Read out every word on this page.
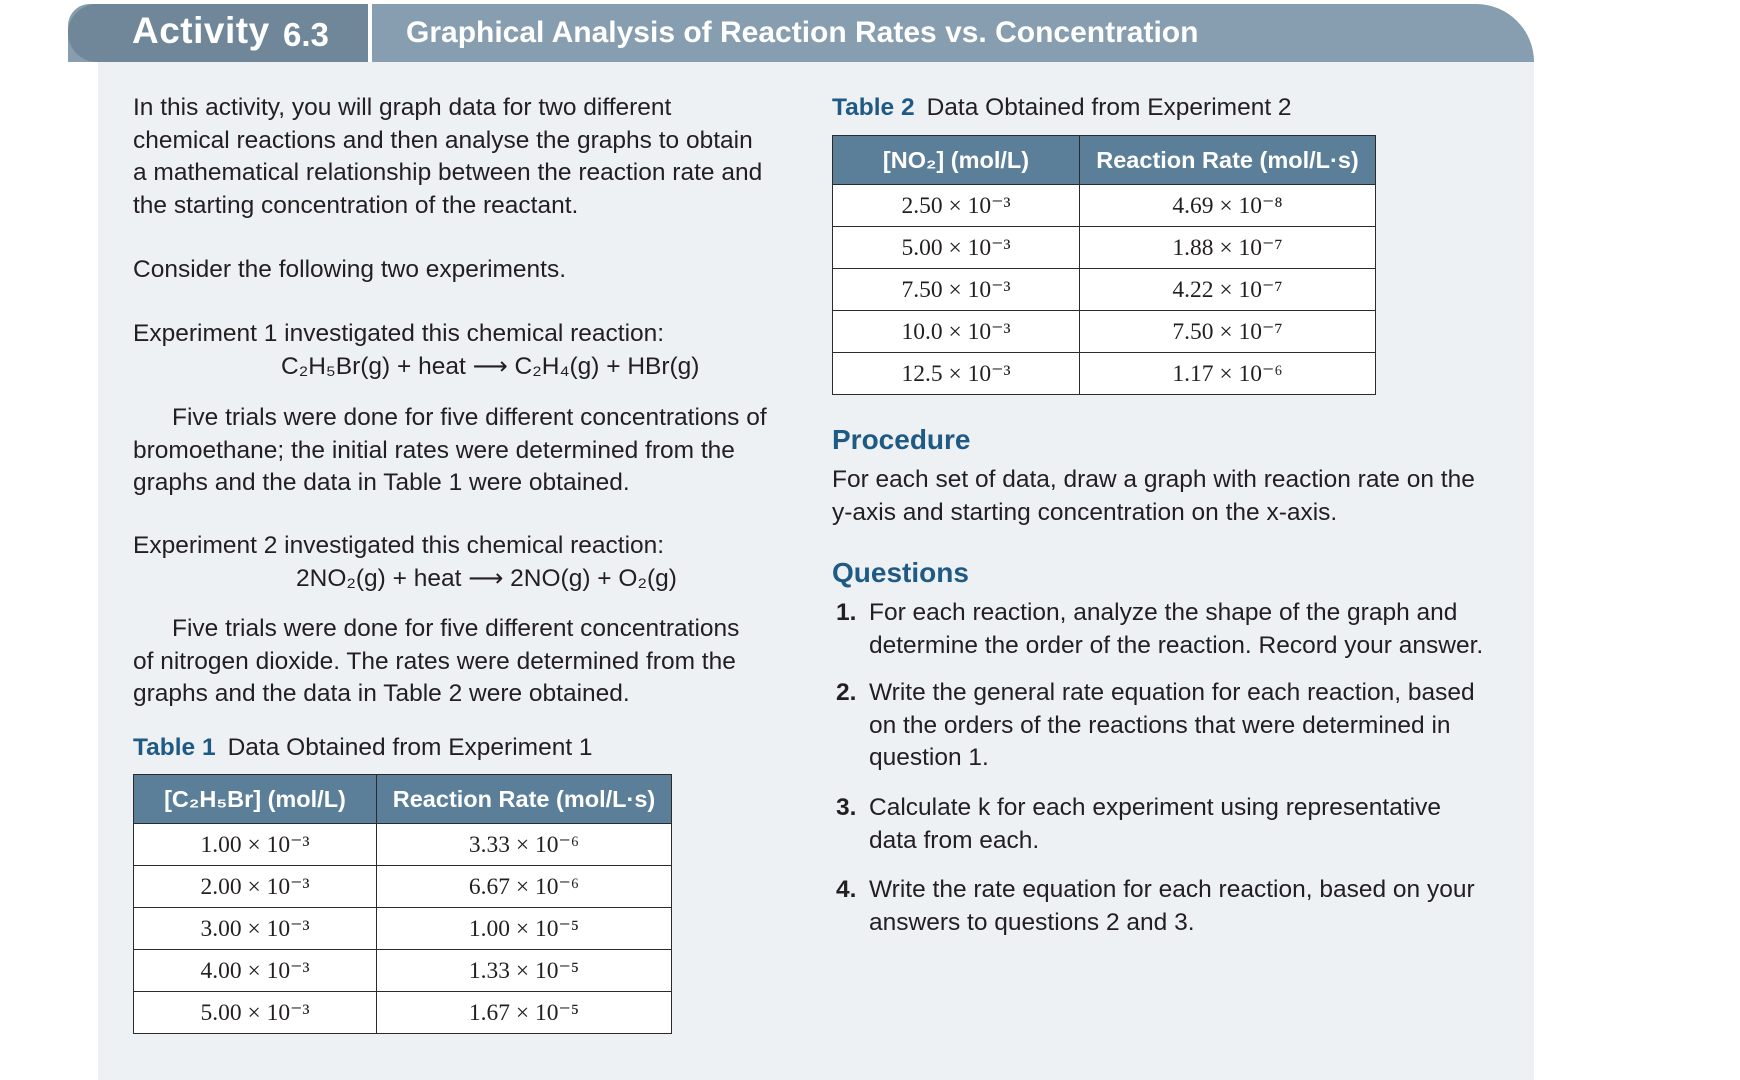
Activity 6.3	Graphical Analysis of Reaction Rates vs. Concentration
In this activity, you will graph data for two different
chemical reactions and then analyse the graphs to obtain
a mathematical relationship between the reaction rate and
the starting concentration of the reactant.
Consider the following two experiments.
Experiment 1 investigated this chemical reaction:
C₂H₅Br(g) + heat ⟶ C₂H₄(g) + HBr(g)
Five trials were done for five different concentrations of
bromoethane; the initial rates were determined from the
graphs and the data in Table 1 were obtained.
Experiment 2 investigated this chemical reaction:
2NO₂(g) + heat ⟶ 2NO(g) + O₂(g)
Five trials were done for five different concentrations
of nitrogen dioxide. The rates were determined from the
graphs and the data in Table 2 were obtained.
Table 1 Data Obtained from Experiment 1
[C₂H₅Br] (mol/L)	Reaction Rate (mol/L·s)
1.00 × 10⁻³	3.33 × 10⁻⁶
2.00 × 10⁻³	6.67 × 10⁻⁶
3.00 × 10⁻³	1.00 × 10⁻⁵
4.00 × 10⁻³	1.33 × 10⁻⁵
5.00 × 10⁻³	1.67 × 10⁻⁵
Table 2 Data Obtained from Experiment 2
[NO₂] (mol/L)	Reaction Rate (mol/L·s)
2.50 × 10⁻³	4.69 × 10⁻⁸
5.00 × 10⁻³	1.88 × 10⁻⁷
7.50 × 10⁻³	4.22 × 10⁻⁷
10.0 × 10⁻³	7.50 × 10⁻⁷
12.5 × 10⁻³	1.17 × 10⁻⁶
Procedure
For each set of data, draw a graph with reaction rate on the
y-axis and starting concentration on the x-axis.
Questions
1. For each reaction, analyze the shape of the graph and
determine the order of the reaction. Record your answer.
2. Write the general rate equation for each reaction, based
on the orders of the reactions that were determined in
question 1.
3. Calculate k for each experiment using representative
data from each.
4. Write the rate equation for each reaction, based on your
answers to questions 2 and 3.
